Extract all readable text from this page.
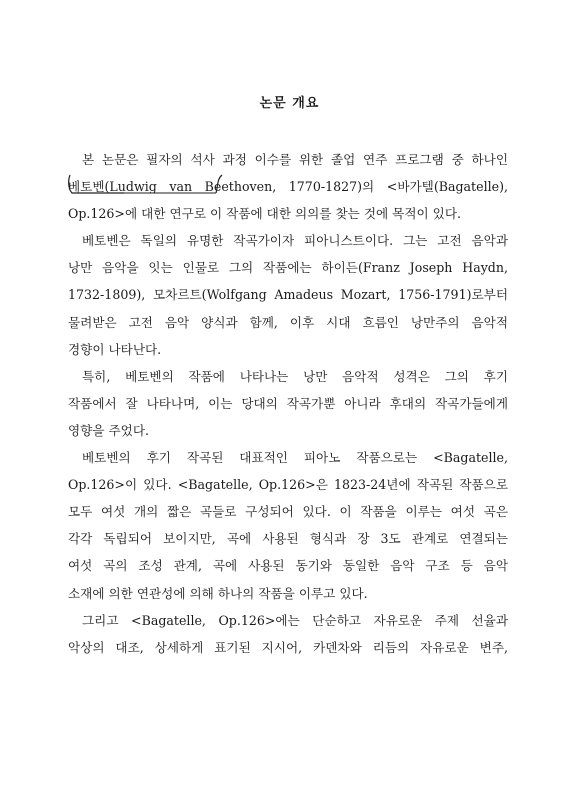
논문 개요
본 논문은 필자의 석사 과정 이수를 위한 졸업 연주 프로그램 중 하나인
베토벤(Ludwig van Beethoven, 1770-1827)의 <바가텔(Bagatelle),
Op.126>에 대한 연구로 이 작품에 대한 의의를 찾는 것에 목적이 있다.
베토벤은 독일의 유명한 작곡가이자 피아니스트이다. 그는 고전 음악과
낭만 음악을 잇는 인물로 그의 작품에는 하이든(Franz Joseph Haydn,
1732-1809), 모차르트(Wolfgang Amadeus Mozart, 1756-1791)로부터
물려받은 고전 음악 양식과 함께, 이후 시대 흐름인 낭만주의 음악적
경향이 나타난다.
특히, 베토벤의 작품에 나타나는 낭만 음악적 성격은 그의 후기
작품에서 잘 나타나며, 이는 당대의 작곡가뿐 아니라 후대의 작곡가들에게
영향을 주었다.
베토벤의 후기 작곡된 대표적인 피아노 작품으로는 <Bagatelle,
Op.126>이 있다. <Bagatelle, Op.126>은 1823-24년에 작곡된 작품으로
모두 여섯 개의 짧은 곡들로 구성되어 있다. 이 작품을 이루는 여섯 곡은
각각 독립되어 보이지만, 곡에 사용된 형식과 장 3도 관계로 연결되는
여섯 곡의 조성 관계, 곡에 사용된 동기와 동일한 음악 구조 등 음악
소재에 의한 연관성에 의해 하나의 작품을 이루고 있다.
그리고 <Bagatelle, Op.126>에는 단순하고 자유로운 주제 선율과
악상의 대조, 상세하게 표기된 지시어, 카덴차와 리듬의 자유로운 변주,
